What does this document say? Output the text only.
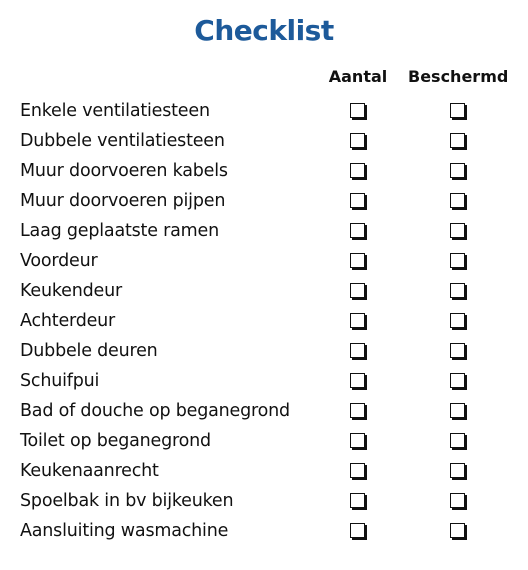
Checklist
Aantal	Beschermd
Enkele ventilatiesteen
Dubbele ventilatiesteen
Muur doorvoeren kabels
Muur doorvoeren pijpen
Laag geplaatste ramen
Voordeur
Keukendeur
Achterdeur
Dubbele deuren
Schuifpui
Bad of douche op beganegrond
Toilet op beganegrond
Keukenaanrecht
Spoelbak in bv bijkeuken
Aansluiting wasmachine
